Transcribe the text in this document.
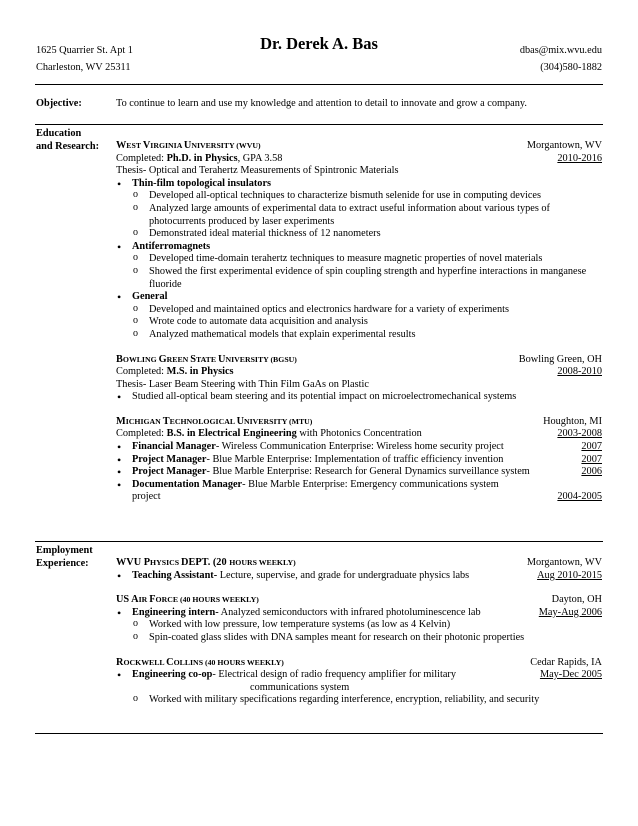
1625 Quarrier St. Apt 1
Charleston, WV 25311
Dr. Derek A. Bas	dbas@mix.wvu.edu
(304)580-1882
Objective:	To continue to learn and use my knowledge and attention to detail to innovate and grow a company.
Education
and Research:	WEST VIRGINIA UNIVERSITY (WVU)	Morgantown, WV
Completed: Ph.D. in Physics, GPA 3.58	2010-2016
Thesis- Optical and Terahertz Measurements of Spintronic Materials
• Thin-film topological insulators
o Developed all-optical techniques to characterize bismuth selenide for use in computing devices
o Analyzed large amounts of experimental data to extract useful information about various types of photocurrents produced by laser experiments
o Demonstrated ideal material thickness of 12 nanometers
• Antiferromagnets
o Developed time-domain terahertz techniques to measure magnetic properties of novel materials
o Showed the first experimental evidence of spin coupling strength and hyperfine interactions in manganese fluoride
• General
o Developed and maintained optics and electronics hardware for a variety of experiments
o Wrote code to automate data acquisition and analysis
o Analyzed mathematical models that explain experimental results
BOWLING GREEN STATE UNIVERSITY (BGSU)	Bowling Green, OH
Completed: M.S. in Physics	2008-2010
Thesis- Laser Beam Steering with Thin Film GaAs on Plastic
• Studied all-optical beam steering and its potential impact on microelectromechanical systems
MICHIGAN TECHNOLOGICAL UNIVERSITY (MTU)	Houghton, MI
Completed: B.S. in Electrical Engineering with Photonics Concentration	2003-2008
• Financial Manager- Wireless Communication Enterprise: Wireless home security project	2007
• Project Manager- Blue Marble Enterprise: Implementation of traffic efficiency invention	2007
• Project Manager- Blue Marble Enterprise: Research for General Dynamics surveillance system	2006
• Documentation Manager- Blue Marble Enterprise: Emergency communications system
project	2004-2005
Employment
Experience:	WVU PHYSICS DEPT. (20 HOURS WEEKLY)	Morgantown, WV
• Teaching Assistant- Lecture, supervise, and grade for undergraduate physics labs	Aug 2010-2015
US AIR FORCE (40 HOURS WEEKLY)	Dayton, OH
• Engineering intern- Analyzed semiconductors with infrared photoluminescence lab	May-Aug 2006
o Worked with low pressure, low temperature systems (as low as 4 Kelvin)
o Spin-coated glass slides with DNA samples meant for research on their photonic properties
ROCKWELL COLLINS (40 HOURS WEEKLY)	Cedar Rapids, IA
• Engineering co-op- Electrical design of radio frequency amplifier for military	May-Dec 2005
communications system
o Worked with military specifications regarding interference, encryption, reliability, and security
